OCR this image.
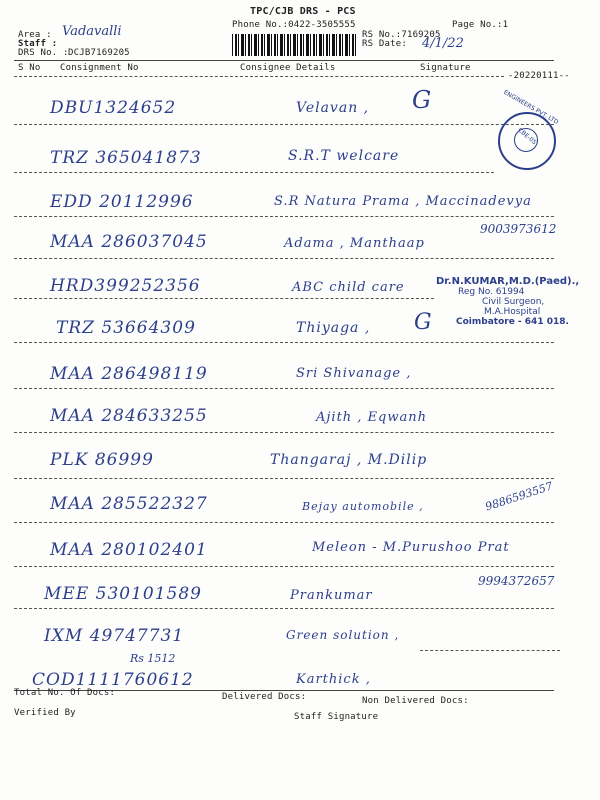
TPC/CJB DRS - PCS
Phone No.:0422-3505555	Page No.:1
Area : Vadavalli
Staff :
DRS No. : DCJB7169205
RS No.:7169205
RS Date: 4/1/22
S No Consignment No	Consignee Details	Signature
-20220111--
DBU1324652	Velavan , G
TRZ 365041873	S.R.T welcare
EDD 20112996	S.R Natura Prama , Maccinadevya
MAA 286037045	Adama , Manthaap
9003973612
HRD399252356	ABC child care
TRZ 53664309	Thiyaga , G
MAA 286498119	Sri Shivanage ,
MAA 284633255	Ajith , Eqwanh
PLK 86999	Thangaraj , M.Dilip
MAA 285522327	Bejay automobile ,	9886593557
MAA 280102401	Meleon - M.Purushoo Prat
MEE 530101589	Prankumar
9994372657
IXM 49747731	Green solution ,
Rs 1512
COD1111760612	Karthick ,
CBE-05
ENGINEERS PVT. LTD
Dr.N.KUMAR,M.D.(Paed).,
Reg No. 61994
Civil Surgeon,
M.A.Hospital
Coimbatore - 641 018.
Total No. Of Docs:	Delivered Docs:	Non Delivered Docs:
Verified By	Staff Signature
